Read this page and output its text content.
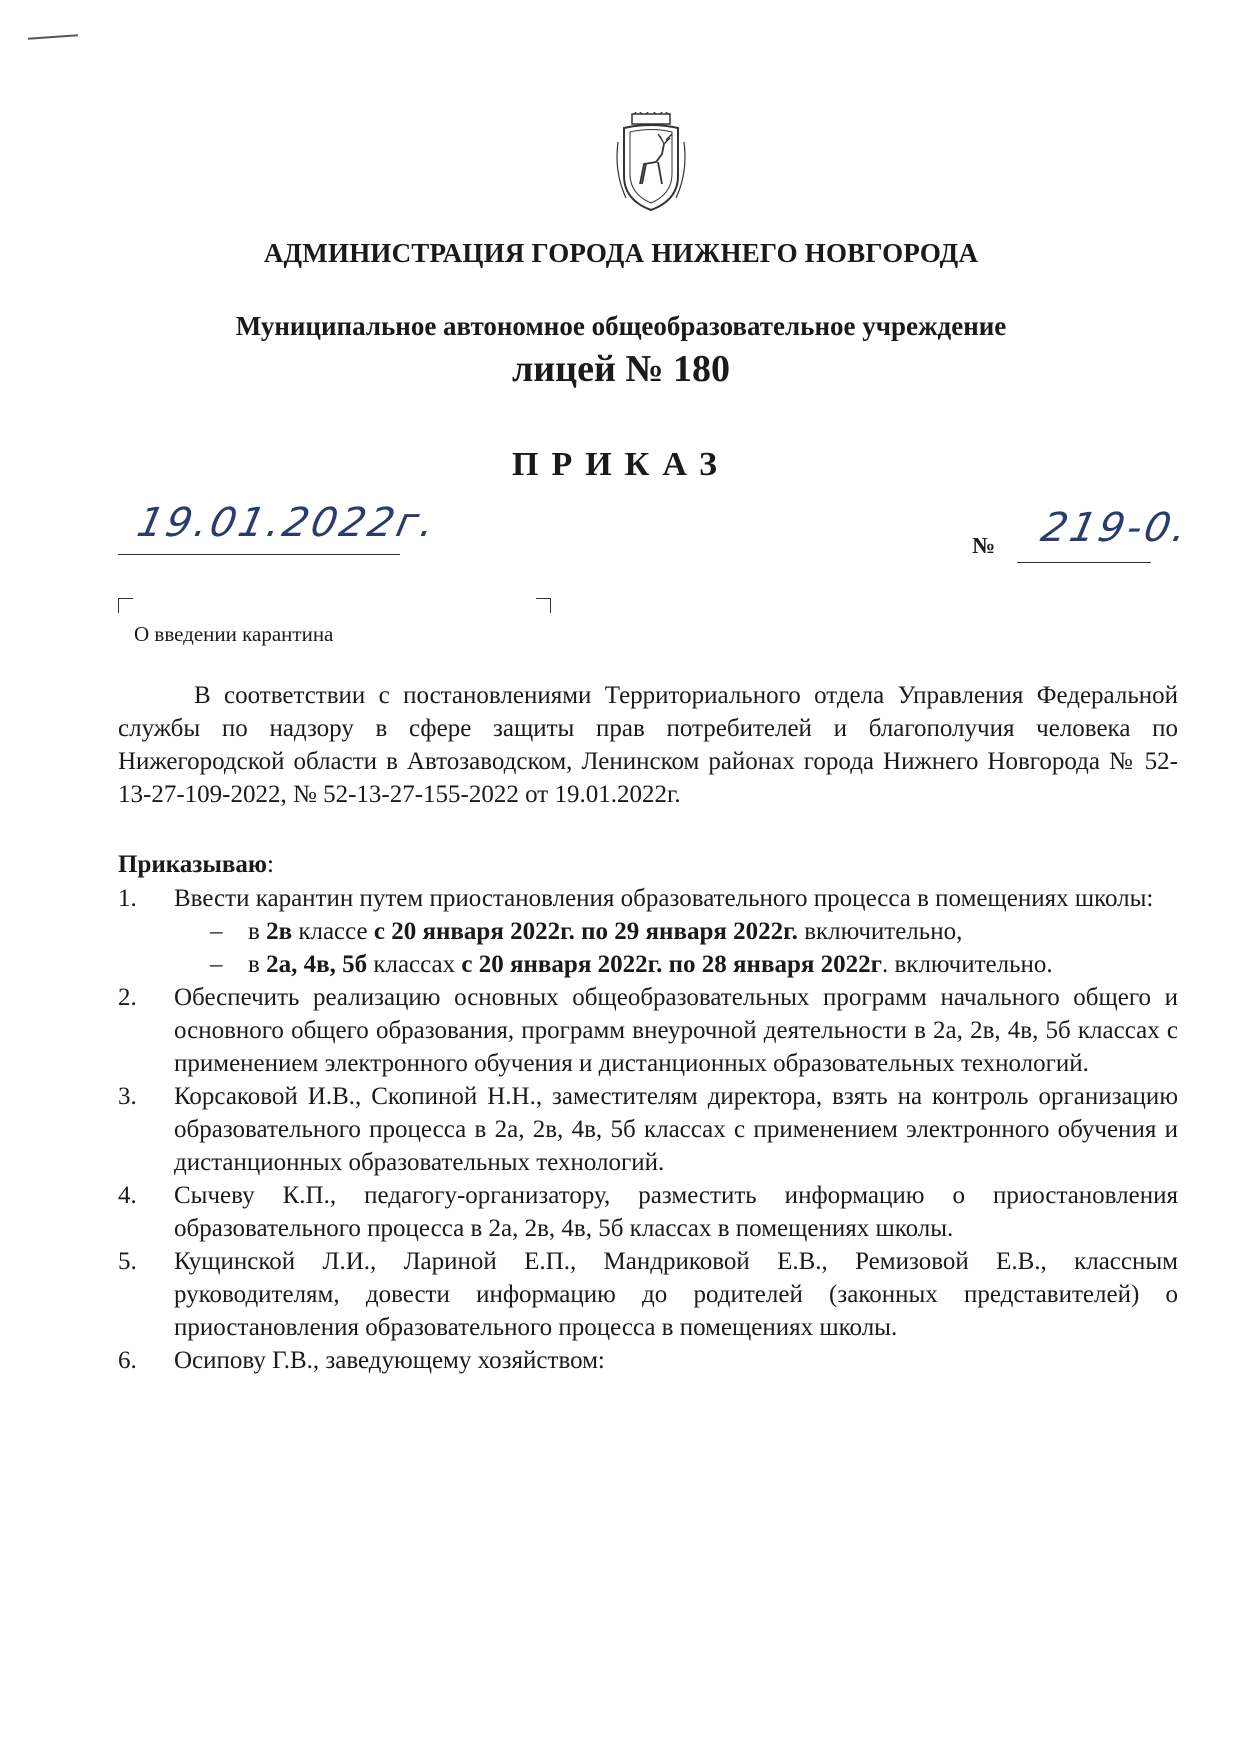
АДМИНИСТРАЦИЯ ГОРОДА НИЖНЕГО НОВГОРОДА
Муниципальное автономное общеобразовательное учреждение
лицей № 180
ПРИКАЗ
19.01.2022г.	№ 219-0.
О введении карантина
В соответствии с постановлениями Территориального отдела Управления Федеральной службы по надзору в сфере защиты прав потребителей и благополучия человека по Нижегородской области в Автозаводском, Ленинском районах города Нижнего Новгорода № 52-13-27-109-2022, № 52-13-27-155-2022 от 19.01.2022г.
Приказываю:
1. Ввести карантин путем приостановления образовательного процесса в помещениях школы:
– в 2в классе с 20 января 2022г. по 29 января 2022г. включительно,
– в 2а, 4в, 5б классах с 20 января 2022г. по 28 января 2022г. включительно.
2. Обеспечить реализацию основных общеобразовательных программ начального общего и основного общего образования, программ внеурочной деятельности в 2а, 2в, 4в, 5б классах с применением электронного обучения и дистанционных образовательных технологий.
3. Корсаковой И.В., Скопиной Н.Н., заместителям директора, взять на контроль организацию образовательного процесса в 2а, 2в, 4в, 5б классах с применением электронного обучения и дистанционных образовательных технологий.
4. Сычеву К.П., педагогу-организатору, разместить информацию о приостановления образовательного процесса в 2а, 2в, 4в, 5б классах в помещениях школы.
5. Кущинской Л.И., Лариной Е.П., Мандриковой Е.В., Ремизовой Е.В., классным руководителям, довести информацию до родителей (законных представителей) о приостановления образовательного процесса в помещениях школы.
6. Осипову Г.В., заведующему хозяйством:
